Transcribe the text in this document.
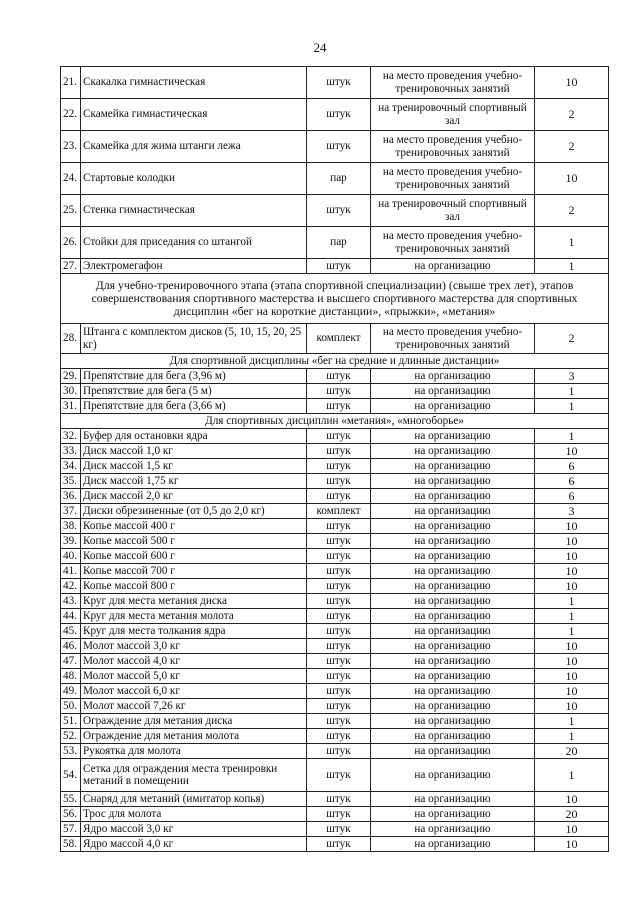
24
21.	Скакалка гимнастическая	штук	на место проведения учебно-тренировочных занятий	10
22.	Скамейка гимнастическая	штук	на тренировочный спортивный зал	2
23.	Скамейка для жима штанги лежа	штук	на место проведения учебно-тренировочных занятий	2
24.	Стартовые колодки	пар	на место проведения учебно-тренировочных занятий	10
25.	Стенка гимнастическая	штук	на тренировочный спортивный зал	2
26.	Стойки для приседания со штангой	пар	на место проведения учебно-тренировочных занятий	1
27.	Электромегафон	штук	на организацию	1
Для учебно-тренировочного этапа (этапа спортивной специализации) (свыше трех лет), этапов совершенствования спортивного мастерства и высшего спортивного мастерства для спортивных дисциплин «бег на короткие дистанции», «прыжки», «метания»				
28.	Штанга с комплектом дисков (5, 10, 15, 20, 25 кг)	комплект	на место проведения учебно-тренировочных занятий	2
Для спортивной дисциплины «бег на средние и длинные дистанции»				
29.	Препятствие для бега (3,96 м)	штук	на организацию	3
30.	Препятствие для бега (5 м)	штук	на организацию	1
31.	Препятствие для бега (3,66 м)	штук	на организацию	1
Для спортивных дисциплин «метания», «многоборье»				
32.	Буфер для остановки ядра	штук	на организацию	1
33.	Диск массой 1,0 кг	штук	на организацию	10
34.	Диск массой 1,5 кг	штук	на организацию	6
35.	Диск массой 1,75 кг	штук	на организацию	6
36.	Диск массой 2,0 кг	штук	на организацию	6
37.	Диски обрезиненные (от 0,5 до 2,0 кг)	комплект	на организацию	3
38.	Копье массой 400 г	штук	на организацию	10
39.	Копье массой 500 г	штук	на организацию	10
40.	Копье массой 600 г	штук	на организацию	10
41.	Копье массой 700 г	штук	на организацию	10
42.	Копье массой 800 г	штук	на организацию	10
43.	Круг для места метания диска	штук	на организацию	1
44.	Круг для места метания молота	штук	на организацию	1
45.	Круг для места толкания ядра	штук	на организацию	1
46.	Молот массой 3,0 кг	штук	на организацию	10
47.	Молот массой 4,0 кг	штук	на организацию	10
48.	Молот массой 5,0 кг	штук	на организацию	10
49.	Молот массой 6,0 кг	штук	на организацию	10
50.	Молот массой 7,26 кг	штук	на организацию	10
51.	Ограждение для метания диска	штук	на организацию	1
52.	Ограждение для метания молота	штук	на организацию	1
53.	Рукоятка для молота	штук	на организацию	20
54.	Сетка для ограждения места тренировки метаний в помещении	штук	на организацию	1
55.	Снаряд для метаний (имитатор копья)	штук	на организацию	10
56.	Трос для молота	штук	на организацию	20
57.	Ядро массой 3,0 кг	штук	на организацию	10
58.	Ядро массой 4,0 кг	штук	на организацию	10
